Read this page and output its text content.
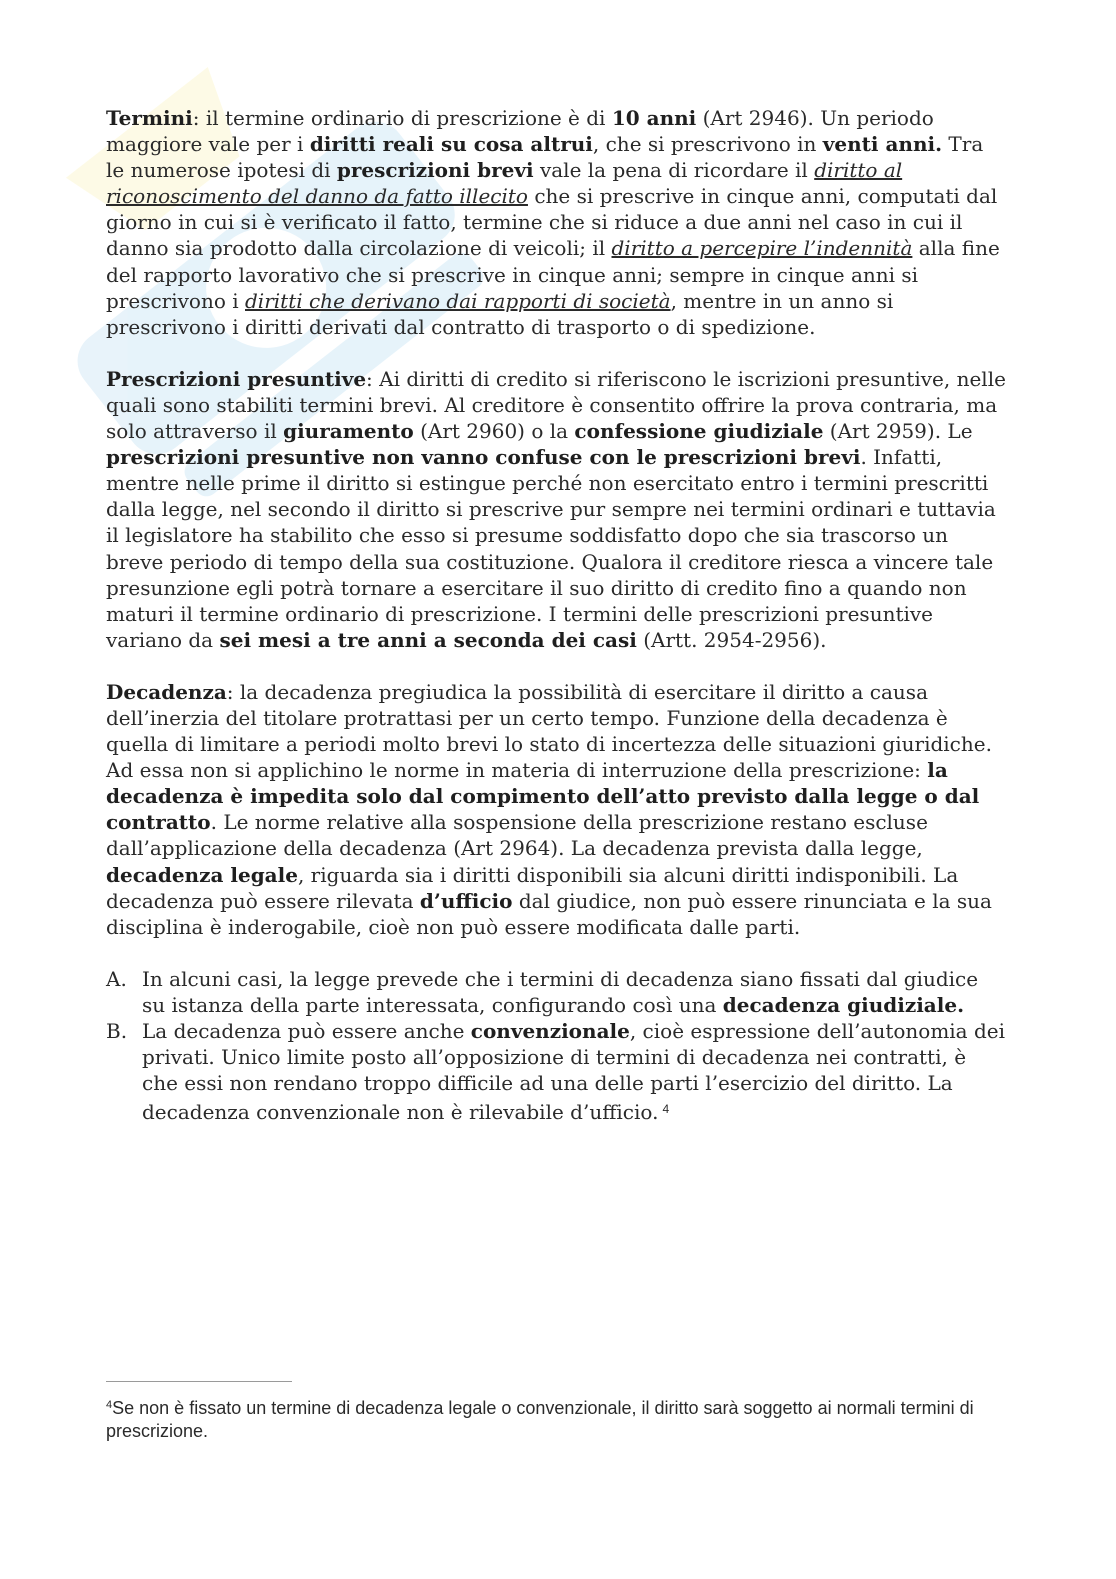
Termini: il termine ordinario di prescrizione è di 10 anni (Art 2946). Un periodo maggiore vale per i diritti reali su cosa altrui, che si prescrivono in venti anni. Tra le numerose ipotesi di prescrizioni brevi vale la pena di ricordare il diritto al riconoscimento del danno da fatto illecito che si prescrive in cinque anni, computati dal giorno in cui si è verificato il fatto, termine che si riduce a due anni nel caso in cui il danno sia prodotto dalla circolazione di veicoli; il diritto a percepire l’indennità alla fine del rapporto lavorativo che si prescrive in cinque anni; sempre in cinque anni si prescrivono i diritti che derivano dai rapporti di società, mentre in un anno si prescrivono i diritti derivati dal contratto di trasporto o di spedizione.

Prescrizioni presuntive: Ai diritti di credito si riferiscono le iscrizioni presuntive, nelle quali sono stabiliti termini brevi. Al creditore è consentito offrire la prova contraria, ma solo attraverso il giuramento (Art 2960) o la confessione giudiziale (Art 2959). Le prescrizioni presuntive non vanno confuse con le prescrizioni brevi. Infatti, mentre nelle prime il diritto si estingue perché non esercitato entro i termini prescritti dalla legge, nel secondo il diritto si prescrive pur sempre nei termini ordinari e tuttavia il legislatore ha stabilito che esso si presume soddisfatto dopo che sia trascorso un breve periodo di tempo della sua costituzione. Qualora il creditore riesca a vincere tale presunzione egli potrà tornare a esercitare il suo diritto di credito fino a quando non maturi il termine ordinario di prescrizione. I termini delle prescrizioni presuntive variano da sei mesi a tre anni a seconda dei casi (Artt. 2954-2956).

Decadenza: la decadenza pregiudica la possibilità di esercitare il diritto a causa dell’inerzia del titolare protrattasi per un certo tempo. Funzione della decadenza è quella di limitare a periodi molto brevi lo stato di incertezza delle situazioni giuridiche. Ad essa non si applichino le norme in materia di interruzione della prescrizione: la decadenza è impedita solo dal compimento dell’atto previsto dalla legge o dal contratto. Le norme relative alla sospensione della prescrizione restano escluse dall’applicazione della decadenza (Art 2964). La decadenza prevista dalla legge, decadenza legale, riguarda sia i diritti disponibili sia alcuni diritti indisponibili. La decadenza può essere rilevata d’ufficio dal giudice, non può essere rinunciata e la sua disciplina è inderogabile, cioè non può essere modificata dalle parti.

A. In alcuni casi, la legge prevede che i termini di decadenza siano fissati dal giudice su istanza della parte interessata, configurando così una decadenza giudiziale.
B. La decadenza può essere anche convenzionale, cioè espressione dell’autonomia dei privati. Unico limite posto all’opposizione di termini di decadenza nei contratti, è che essi non rendano troppo difficile ad una delle parti l’esercizio del diritto. La decadenza convenzionale non è rilevabile d’ufficio. $^4$
$^4$Se non è fissato un termine di decadenza legale o convenzionale, il diritto sarà soggetto ai normali termini di prescrizione.
